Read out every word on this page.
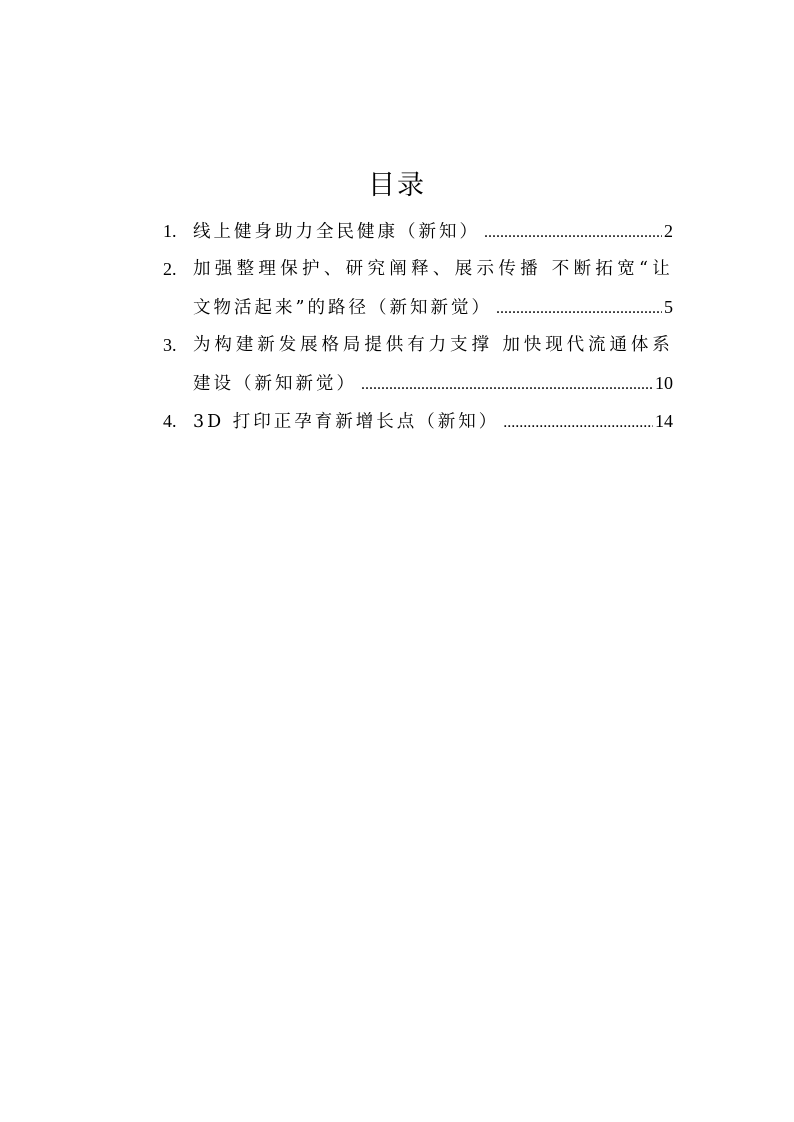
目录
1. 线上健身助力全民健康（新知） .....	2
2. 加强整理保护、研究阐释、展示传播 不断拓宽“让
文物活起来”的路径（新知新觉） .....	5
3. 为构建新发展格局提供有力支撑 加快现代流通体系
建设（新知新觉） .....	10
4. 3D 打印正孕育新增长点（新知） .....	14
